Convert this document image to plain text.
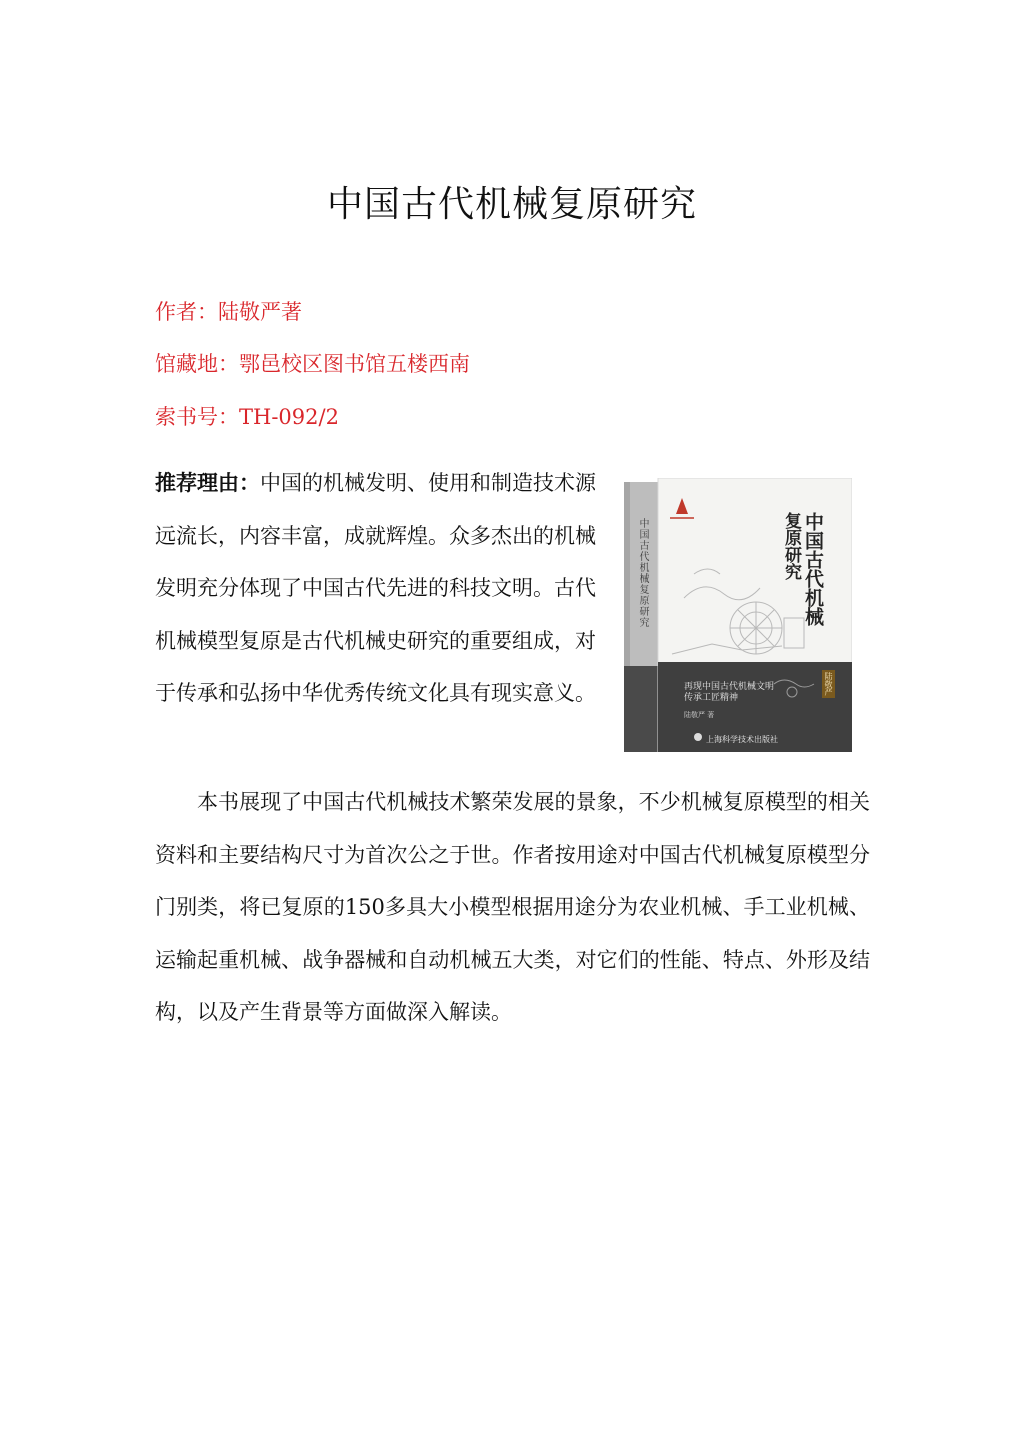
中国古代机械复原研究
作者：陆敬严著
馆藏地：鄂邑校区图书馆五楼西南
索书号：TH-092/2
推荐理由：中国的机械发明、使用和制造技术源远流长，内容丰富，成就辉煌。众多杰出的机械发明充分体现了中国古代先进的科技文明。古代机械模型复原是古代机械史研究的重要组成，对于传承和弘扬中华优秀传统文化具有现实意义。
中国古代机械复原研究	中国古代机械
复原研究
再现中国古代机械文明
传承工匠精神
陆敬严 著
陆敬严
上海科学技术出版社
本书展现了中国古代机械技术繁荣发展的景象，不少机械复原模型的相关资料和主要结构尺寸为首次公之于世。作者按用途对中国古代机械复原模型分门别类，将已复原的150多具大小模型根据用途分为农业机械、手工业机械、运输起重机械、战争器械和自动机械五大类，对它们的性能、特点、外形及结构，以及产生背景等方面做深入解读。
